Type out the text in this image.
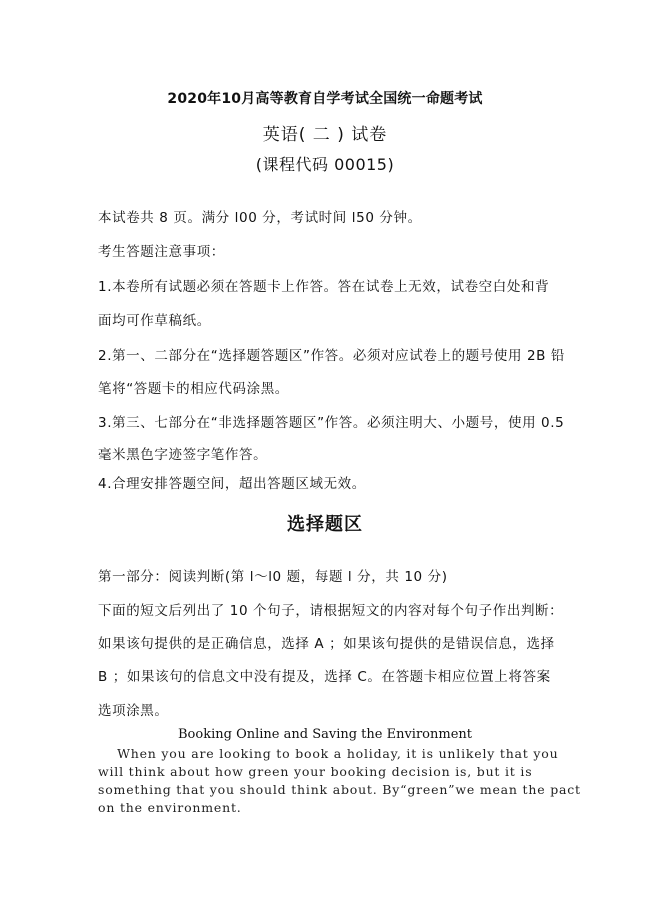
2020年10月高等教育自学考试全国统一命题考试
英语( 二 ) 试卷
(课程代码 00015)
本试卷共 8 页。满分 l00 分，考试时间 l50 分钟。
考生答题注意事项：
1.本卷所有试题必须在答题卡上作答。答在试卷上无效，试卷空白处和背
面均可作草稿纸。
2.第一、二部分在“选择题答题区”作答。必须对应试卷上的题号使用 2B 铅
笔将“答题卡的相应代码涂黑。
3.第三、七部分在“非选择题答题区”作答。必须注明大、小题号，使用 0.5
毫米黑色字迹签字笔作答。
4.合理安排答题空间，超出答题区域无效。
选择题区
第一部分：阅读判断(第 l～l0 题，每题 l 分，共 10 分)
下面的短文后列出了 10 个句子，请根据短文的内容对每个句子作出判断：
如果该句提供的是正确信息，选择 A ；如果该句提供的是错误信息，选择
B ；如果该句的信息文中没有提及，选择 C。在答题卡相应位置上将答案
选项涂黑。
Booking Online and Saving the Environment
When you are looking to book a holiday, it is unlikely that you
will think about how green your booking decision is, but it is
something that you should think about. By“green”we mean the pact
on the environment.
